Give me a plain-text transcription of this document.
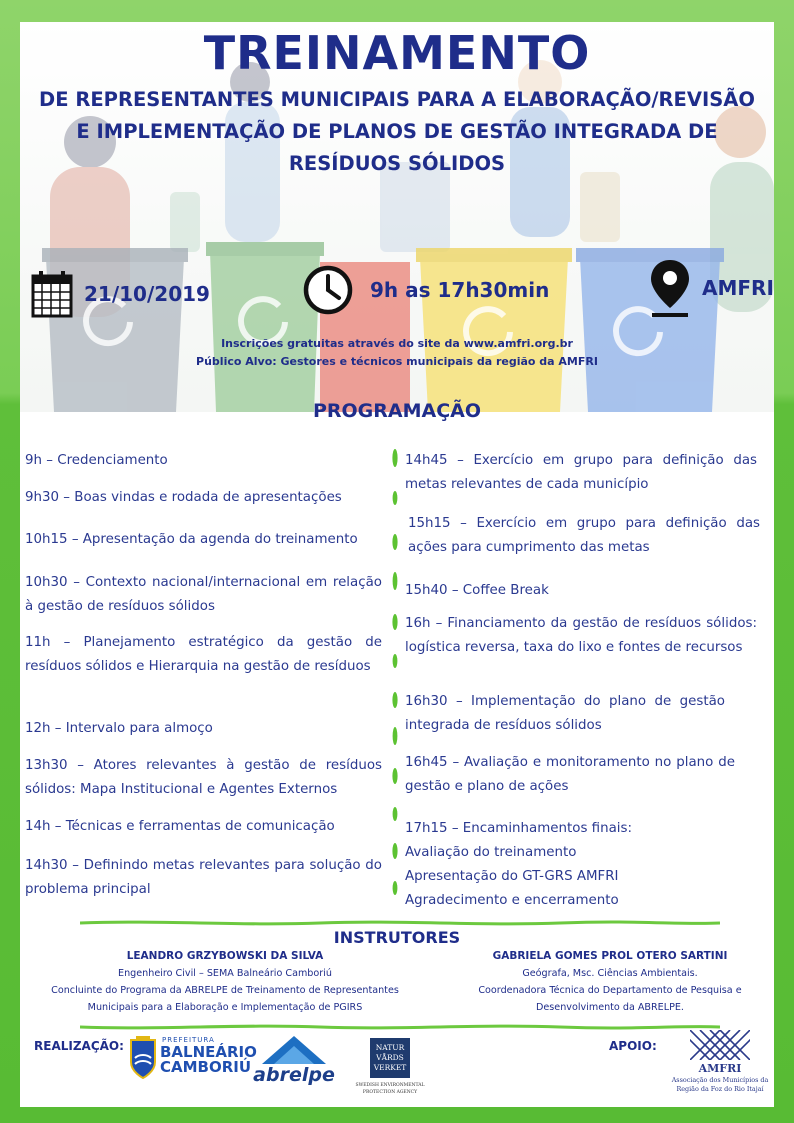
TREINAMENTO
DE REPRESENTANTES MUNICIPAIS PARA A ELABORAÇÃO/REVISÃO
E IMPLEMENTAÇÃO DE PLANOS DE GESTÃO INTEGRADA DE
RESÍDUOS SÓLIDOS
21/10/2019	9h as 17h30min	AMFRI
Inscrições gratuitas através do site da www.amfri.org.br
Público Alvo: Gestores e técnicos municipais da região da AMFRI
PROGRAMAÇÃO
9h – Credenciamento
9h30 – Boas vindas e rodada de apresentações
10h15 – Apresentação da agenda do treinamento
10h30 – Contexto nacional/internacional em relação à gestão de resíduos sólidos
11h – Planejamento estratégico da gestão de resíduos sólidos e Hierarquia na gestão de resíduos
12h – Intervalo para almoço
13h30 – Atores relevantes à gestão de resíduos sólidos: Mapa Institucional e Agentes Externos
14h – Técnicas e ferramentas de comunicação
14h30 – Definindo metas relevantes para solução do problema principal
14h45 – Exercício em grupo para definição das metas relevantes de cada município
15h15 – Exercício em grupo para definição das ações para cumprimento das metas
15h40 – Coffee Break
16h – Financiamento da gestão de resíduos sólidos: logística reversa, taxa do lixo e fontes de recursos
16h30 – Implementação do plano de gestão integrada de resíduos sólidos
16h45 – Avaliação e monitoramento no plano de gestão e plano de ações
17h15 – Encaminhamentos finais:
Avaliação do treinamento
Apresentação do GT-GRS AMFRI
Agradecimento e encerramento
INSTRUTORES
LEANDRO GRZYBOWSKI DA SILVA
Engenheiro Civil – SEMA Balneário Camboriú
Concluinte do Programa da ABRELPE de Treinamento de Representantes
Municipais para a Elaboração e Implementação de PGIRS
GABRIELA GOMES PROL OTERO SARTINI
Geógrafa, Msc. Ciências Ambientais.
Coordenadora Técnica do Departamento de Pesquisa e
Desenvolvimento da ABRELPE.
REALIZAÇÃO:	APOIO:
PREFEITURA
BALNEÁRIO
CAMBORIÚ abrelpe
NATUR
VÅRDS
VERKET
SWEDISH ENVIRONMENTAL
PROTECTION AGENCY
AMFRI
Associação dos Municípios da
Região da Foz do Rio Itajaí
